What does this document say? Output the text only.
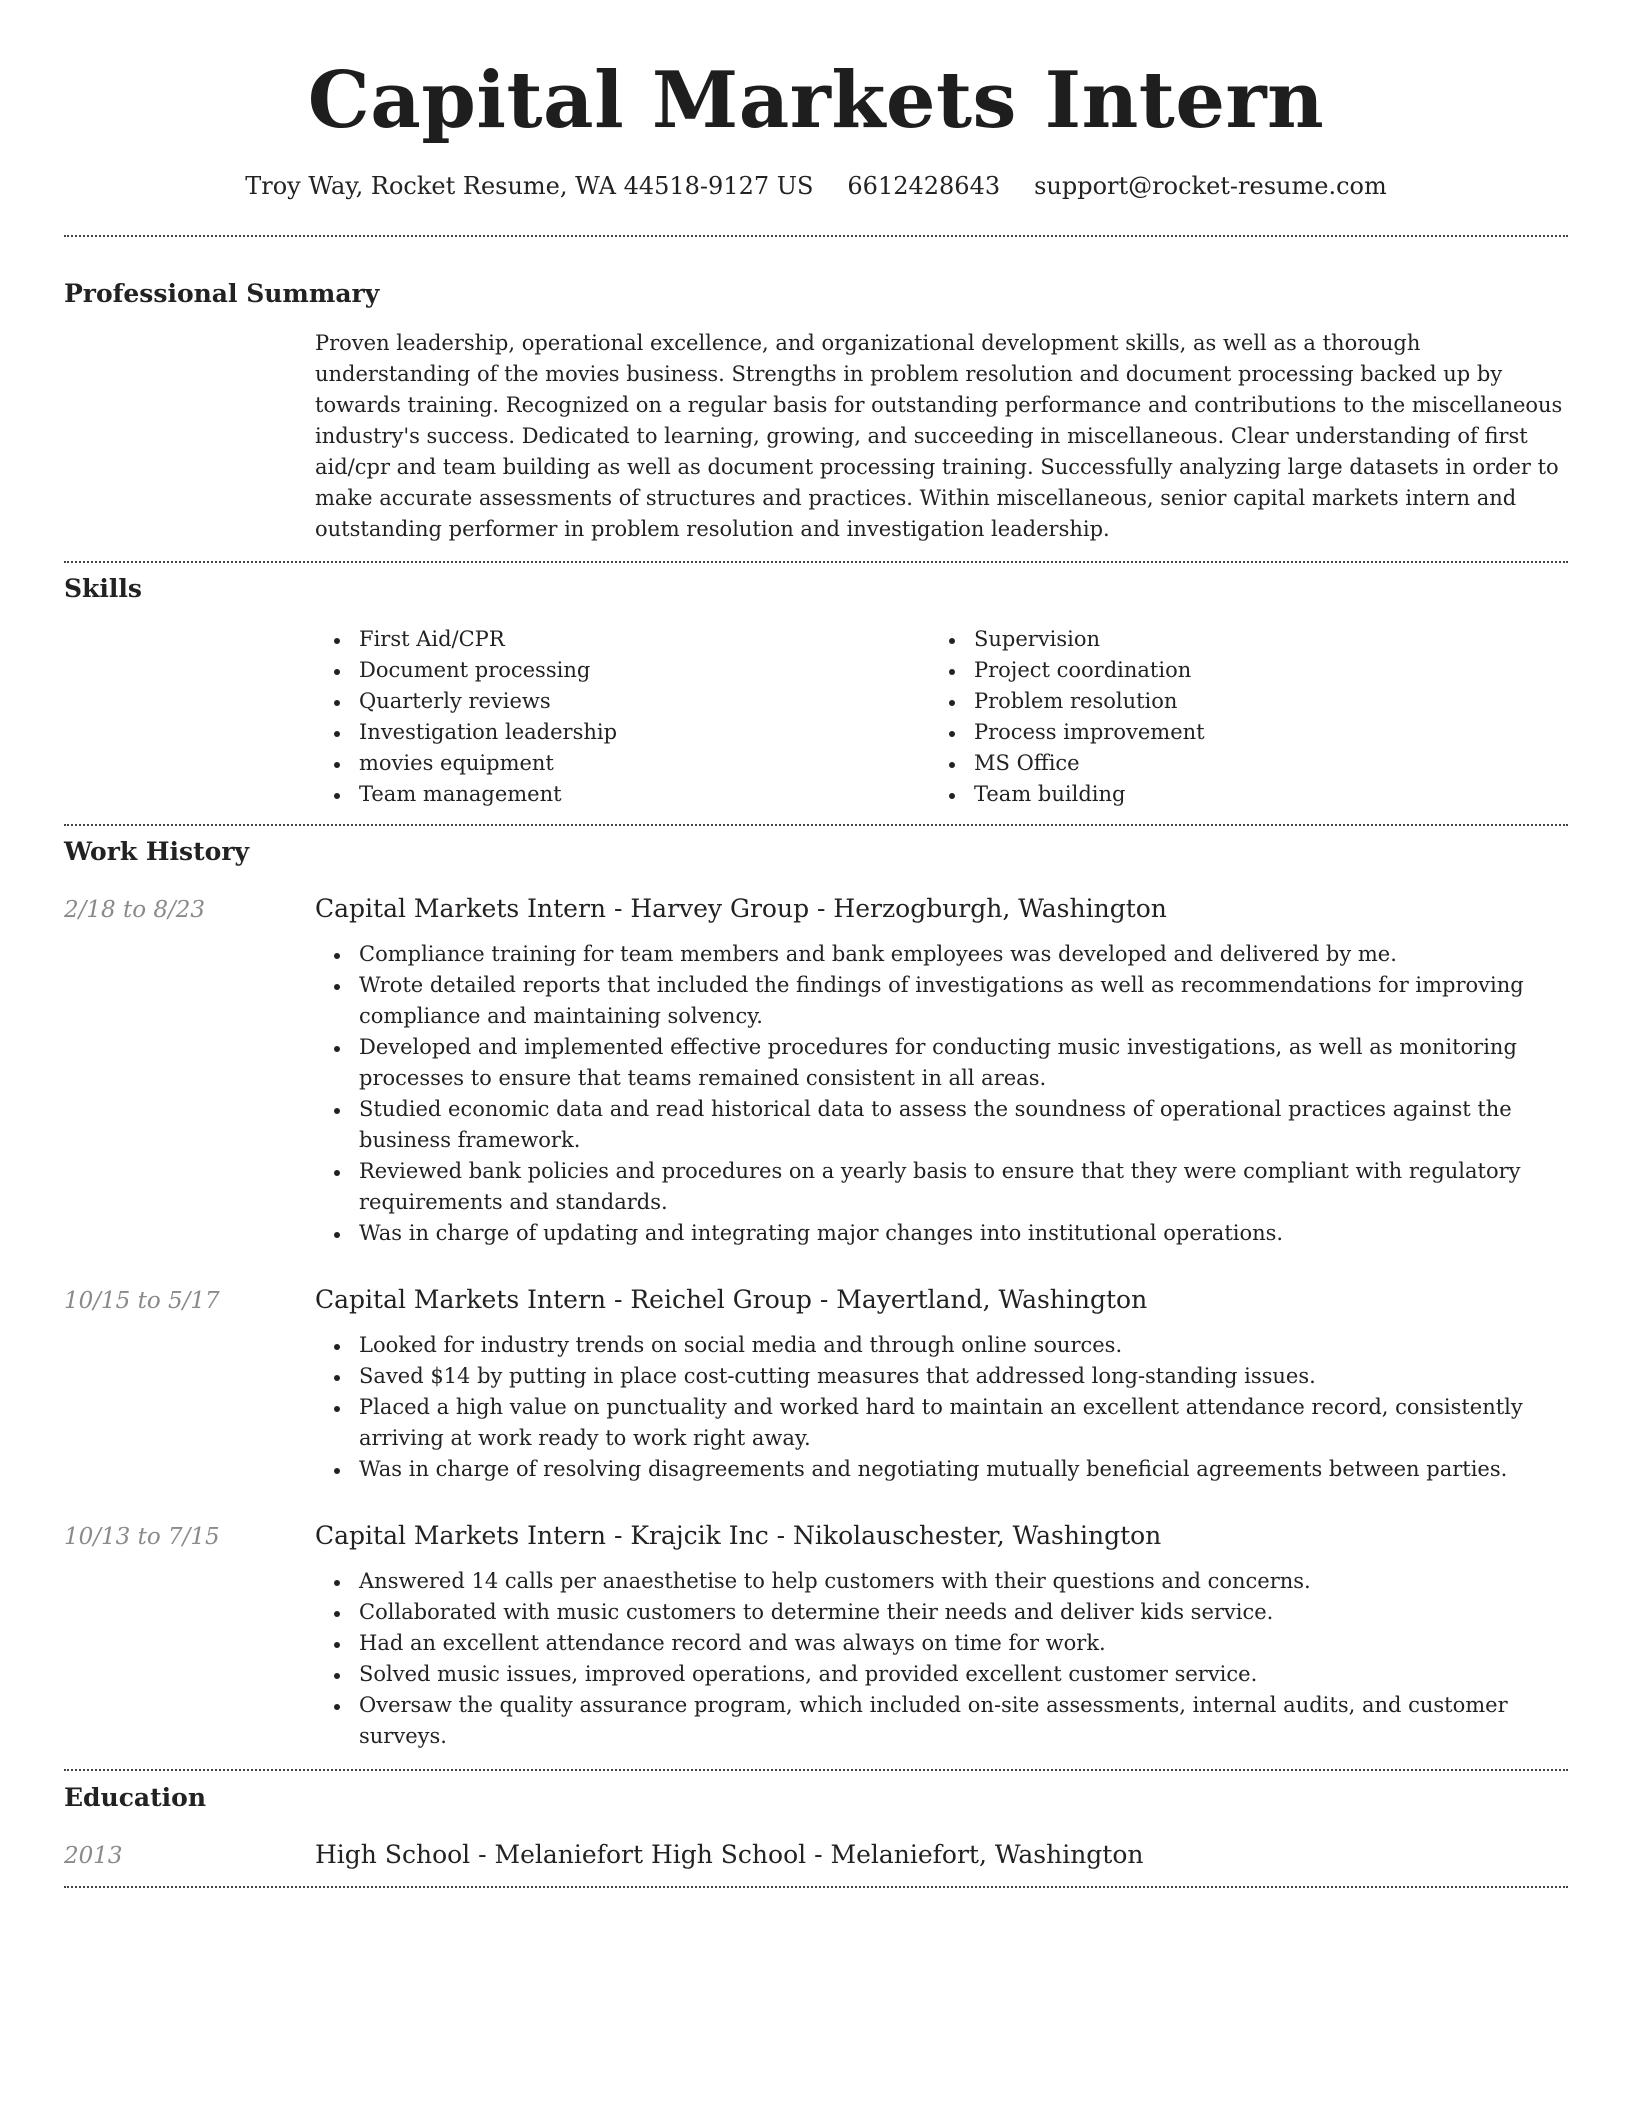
Capital Markets Intern
Troy Way, Rocket Resume, WA 44518-9127 US 6612428643 support@rocket-resume.com
Professional Summary

Proven leadership, operational excellence, and organizational development skills, as well as a thorough understanding of the movies business. Strengths in problem resolution and document processing backed up by towards training. Recognized on a regular basis for outstanding performance and contributions to the miscellaneous industry's success. Dedicated to learning, growing, and succeeding in miscellaneous. Clear understanding of first aid/cpr and team building as well as document processing training. Successfully analyzing large datasets in order to make accurate assessments of structures and practices. Within miscellaneous, senior capital markets intern and outstanding performer in problem resolution and investigation leadership.

Skills
First Aid/CPR
Document processing
Quarterly reviews
Investigation leadership
movies equipment
Team management
Supervision
Project coordination
Problem resolution
Process improvement
MS Office
Team building
Work History
2/18 to 8/23	Capital Markets Intern - Harvey Group - Herzogburgh, Washington
Compliance training for team members and bank employees was developed and delivered by me.
Wrote detailed reports that included the findings of investigations as well as recommendations for improving compliance and maintaining solvency.
Developed and implemented effective procedures for conducting music investigations, as well as monitoring processes to ensure that teams remained consistent in all areas.
Studied economic data and read historical data to assess the soundness of operational practices against the business framework.
Reviewed bank policies and procedures on a yearly basis to ensure that they were compliant with regulatory requirements and standards.
Was in charge of updating and integrating major changes into institutional operations.
10/15 to 5/17	Capital Markets Intern - Reichel Group - Mayertland, Washington
Looked for industry trends on social media and through online sources.
Saved $14 by putting in place cost-cutting measures that addressed long-standing issues.
Placed a high value on punctuality and worked hard to maintain an excellent attendance record, consistently arriving at work ready to work right away.
Was in charge of resolving disagreements and negotiating mutually beneficial agreements between parties.
10/13 to 7/15	Capital Markets Intern - Krajcik Inc - Nikolauschester, Washington
Answered 14 calls per anaesthetise to help customers with their questions and concerns.
Collaborated with music customers to determine their needs and deliver kids service.
Had an excellent attendance record and was always on time for work.
Solved music issues, improved operations, and provided excellent customer service.
Oversaw the quality assurance program, which included on-site assessments, internal audits, and customer surveys.
Education
2013	High School - Melaniefort High School - Melaniefort, Washington
